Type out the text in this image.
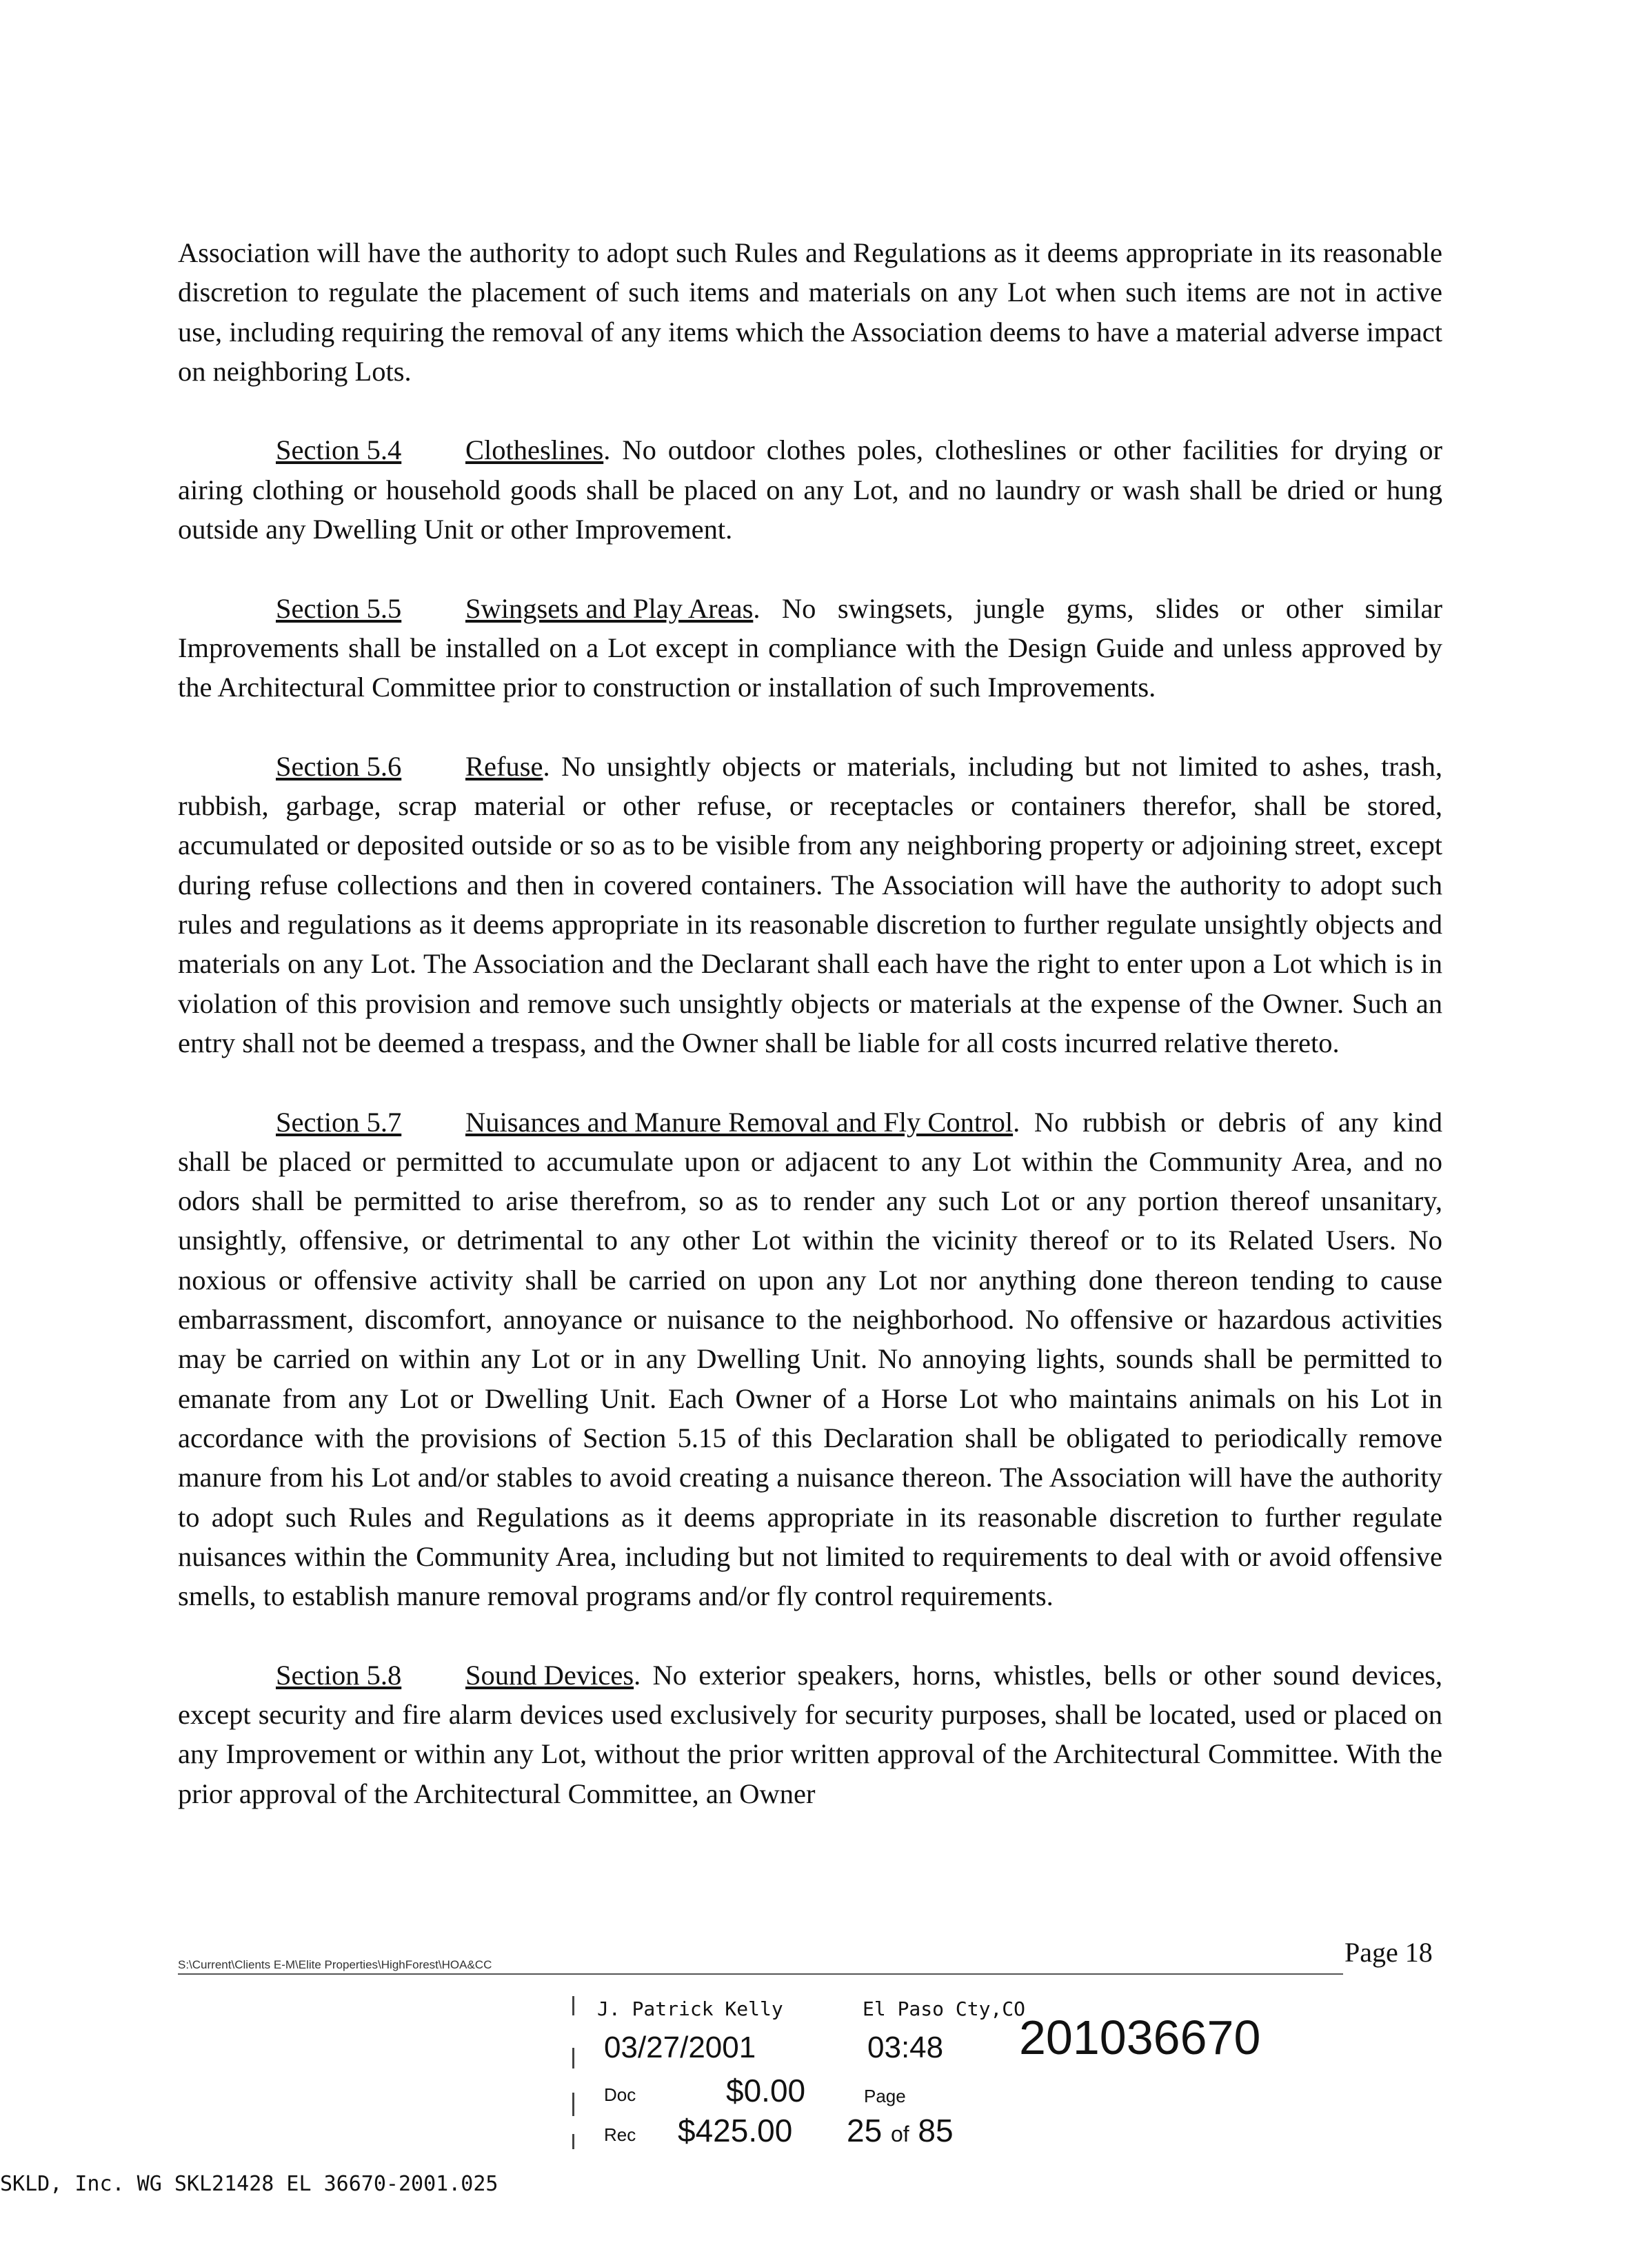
Association will have the authority to adopt such Rules and Regulations as it deems appropriate in its reasonable discretion to regulate the placement of such items and materials on any Lot when such items are not in active use, including requiring the removal of any items which the Association deems to have a material adverse impact on neighboring Lots.

Section 5.4 Clotheslines. No outdoor clothes poles, clotheslines or other facilities for drying or airing clothing or household goods shall be placed on any Lot, and no laundry or wash shall be dried or hung outside any Dwelling Unit or other Improvement.

Section 5.5 Swingsets and Play Areas. No swingsets, jungle gyms, slides or other similar Improvements shall be installed on a Lot except in compliance with the Design Guide and unless approved by the Architectural Committee prior to construction or installation of such Improvements.

Section 5.6 Refuse. No unsightly objects or materials, including but not limited to ashes, trash, rubbish, garbage, scrap material or other refuse, or receptacles or containers therefor, shall be stored, accumulated or deposited outside or so as to be visible from any neighboring property or adjoining street, except during refuse collections and then in covered containers. The Association will have the authority to adopt such rules and regulations as it deems appropriate in its reasonable discretion to further regulate unsightly objects and materials on any Lot. The Association and the Declarant shall each have the right to enter upon a Lot which is in violation of this provision and remove such unsightly objects or materials at the expense of the Owner. Such an entry shall not be deemed a trespass, and the Owner shall be liable for all costs incurred relative thereto.

Section 5.7 Nuisances and Manure Removal and Fly Control. No rubbish or debris of any kind shall be placed or permitted to accumulate upon or adjacent to any Lot within the Community Area, and no odors shall be permitted to arise therefrom, so as to render any such Lot or any portion thereof unsanitary, unsightly, offensive, or detrimental to any other Lot within the vicinity thereof or to its Related Users. No noxious or offensive activity shall be carried on upon any Lot nor anything done thereon tending to cause embarrassment, discomfort, annoyance or nuisance to the neighborhood. No offensive or hazardous activities may be carried on within any Lot or in any Dwelling Unit. No annoying lights, sounds shall be permitted to emanate from any Lot or Dwelling Unit. Each Owner of a Horse Lot who maintains animals on his Lot in accordance with the provisions of Section 5.15 of this Declaration shall be obligated to periodically remove manure from his Lot and/or stables to avoid creating a nuisance thereon. The Association will have the authority to adopt such Rules and Regulations as it deems appropriate in its reasonable discretion to further regulate nuisances within the Community Area, including but not limited to requirements to deal with or avoid offensive smells, to establish manure removal programs and/or fly control requirements.

Section 5.8 Sound Devices. No exterior speakers, horns, whistles, bells or other sound devices, except security and fire alarm devices used exclusively for security purposes, shall be located, used or placed on any Improvement or within any Lot, without the prior written approval of the Architectural Committee. With the prior approval of the Architectural Committee, an Owner

S:\Current\Clients E-M\Elite Properties\HighForest\HOA&CC	Page 18
J. Patrick Kelly	El Paso Cty,CO
03/27/2001	03:48 201036670
Doc	$0.00	Page
Rec $425.00 25 of 85
SKLD, Inc. WG SKL21428 EL 36670-2001.025
